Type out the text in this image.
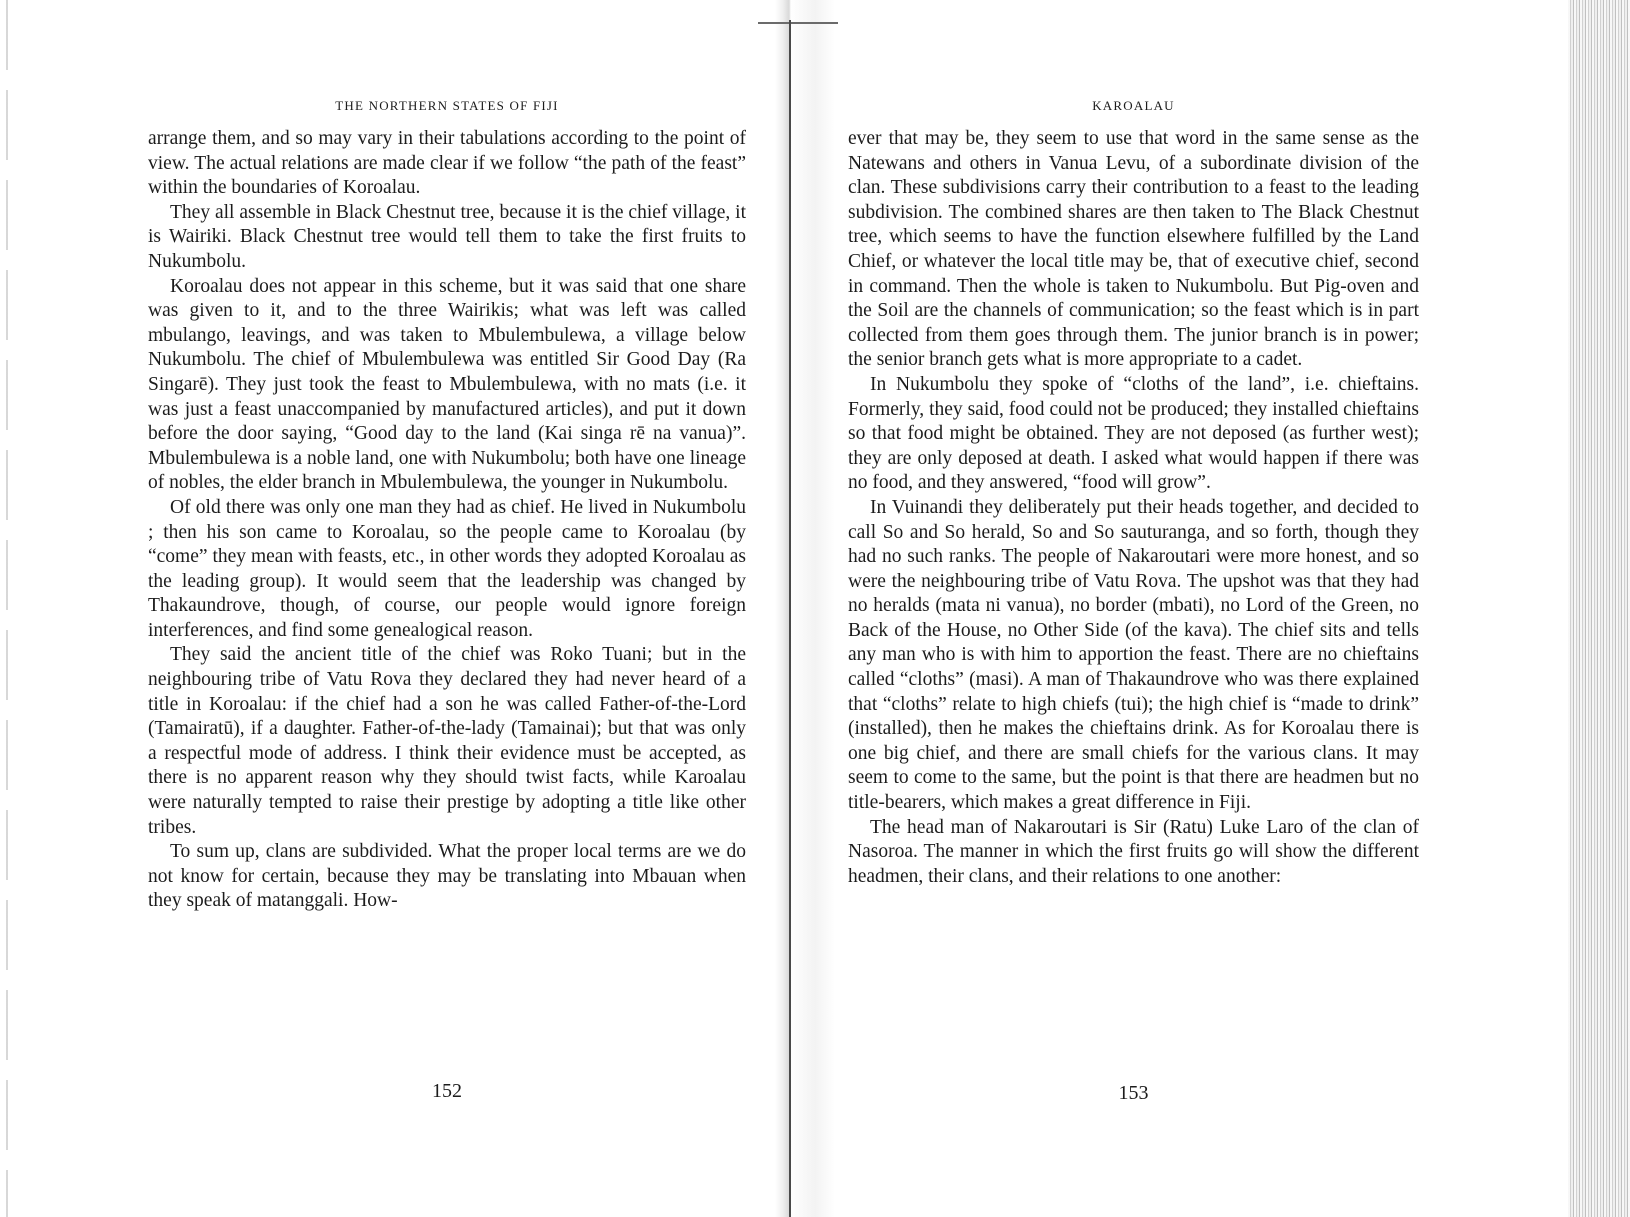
THE NORTHERN STATES OF FIJI

arrange them, and so may vary in their tabulations according to the point of view. The actual relations are made clear if we follow “the path of the feast” within the boundaries of Koroalau.

They all assemble in Black Chestnut tree, because it is the chief village, it is Wairiki. Black Chestnut tree would tell them to take the first fruits to Nukumbolu.

Koroalau does not appear in this scheme, but it was said that one share was given to it, and to the three Wairikis; what was left was called mbulango, leavings, and was taken to Mbulembulewa, a village below Nukumbolu. The chief of Mbulembulewa was entitled Sir Good Day (Ra Singarē). They just took the feast to Mbulembulewa, with no mats (i.e. it was just a feast unaccompanied by manufactured articles), and put it down before the door saying, “Good day to the land (Kai singa rē na vanua)”. Mbulembulewa is a noble land, one with Nukumbolu; both have one lineage of nobles, the elder branch in Mbulembulewa, the younger in Nukumbolu.

Of old there was only one man they had as chief. He lived in Nukumbolu ; then his son came to Koroalau, so the people came to Koroalau (by “come” they mean with feasts, etc., in other words they adopted Koroalau as the leading group). It would seem that the leadership was changed by Thakaundrove, though, of course, our people would ignore foreign interferences, and find some genealogical reason.

They said the ancient title of the chief was Roko Tuani; but in the neighbouring tribe of Vatu Rova they declared they had never heard of a title in Koroalau: if the chief had a son he was called Father-of-the-Lord (Tamairatū), if a daughter. Father-of-the-lady (Tamainai); but that was only a respectful mode of address. I think their evidence must be accepted, as there is no apparent reason why they should twist facts, while Karoalau were naturally tempted to raise their prestige by adopting a title like other tribes.

To sum up, clans are subdivided. What the proper local terms are we do not know for certain, because they may be translating into Mbauan when they speak of matanggali. How-

152
KAROALAU

ever that may be, they seem to use that word in the same sense as the Natewans and others in Vanua Levu, of a subordinate division of the clan. These subdivisions carry their contribution to a feast to the leading subdivision. The combined shares are then taken to The Black Chestnut tree, which seems to have the function elsewhere fulfilled by the Land Chief, or whatever the local title may be, that of executive chief, second in command. Then the whole is taken to Nukumbolu. But Pig-oven and the Soil are the channels of communication; so the feast which is in part collected from them goes through them. The junior branch is in power; the senior branch gets what is more appropriate to a cadet.

In Nukumbolu they spoke of “cloths of the land”, i.e. chieftains. Formerly, they said, food could not be produced; they installed chieftains so that food might be obtained. They are not deposed (as further west); they are only deposed at death. I asked what would happen if there was no food, and they answered, “food will grow”.

In Vuinandi they deliberately put their heads together, and decided to call So and So herald, So and So sauturanga, and so forth, though they had no such ranks. The people of Nakaroutari were more honest, and so were the neighbouring tribe of Vatu Rova. The upshot was that they had no heralds (mata ni vanua), no border (mbati), no Lord of the Green, no Back of the House, no Other Side (of the kava). The chief sits and tells any man who is with him to apportion the feast. There are no chieftains called “cloths” (masi). A man of Thakaundrove who was there explained that “cloths” relate to high chiefs (tui); the high chief is “made to drink” (installed), then he makes the chieftains drink. As for Koroalau there is one big chief, and there are small chiefs for the various clans. It may seem to come to the same, but the point is that there are headmen but no title-bearers, which makes a great difference in Fiji.

The head man of Nakaroutari is Sir (Ratu) Luke Laro of the clan of Nasoroa. The manner in which the first fruits go will show the different headmen, their clans, and their relations to one another:

153
